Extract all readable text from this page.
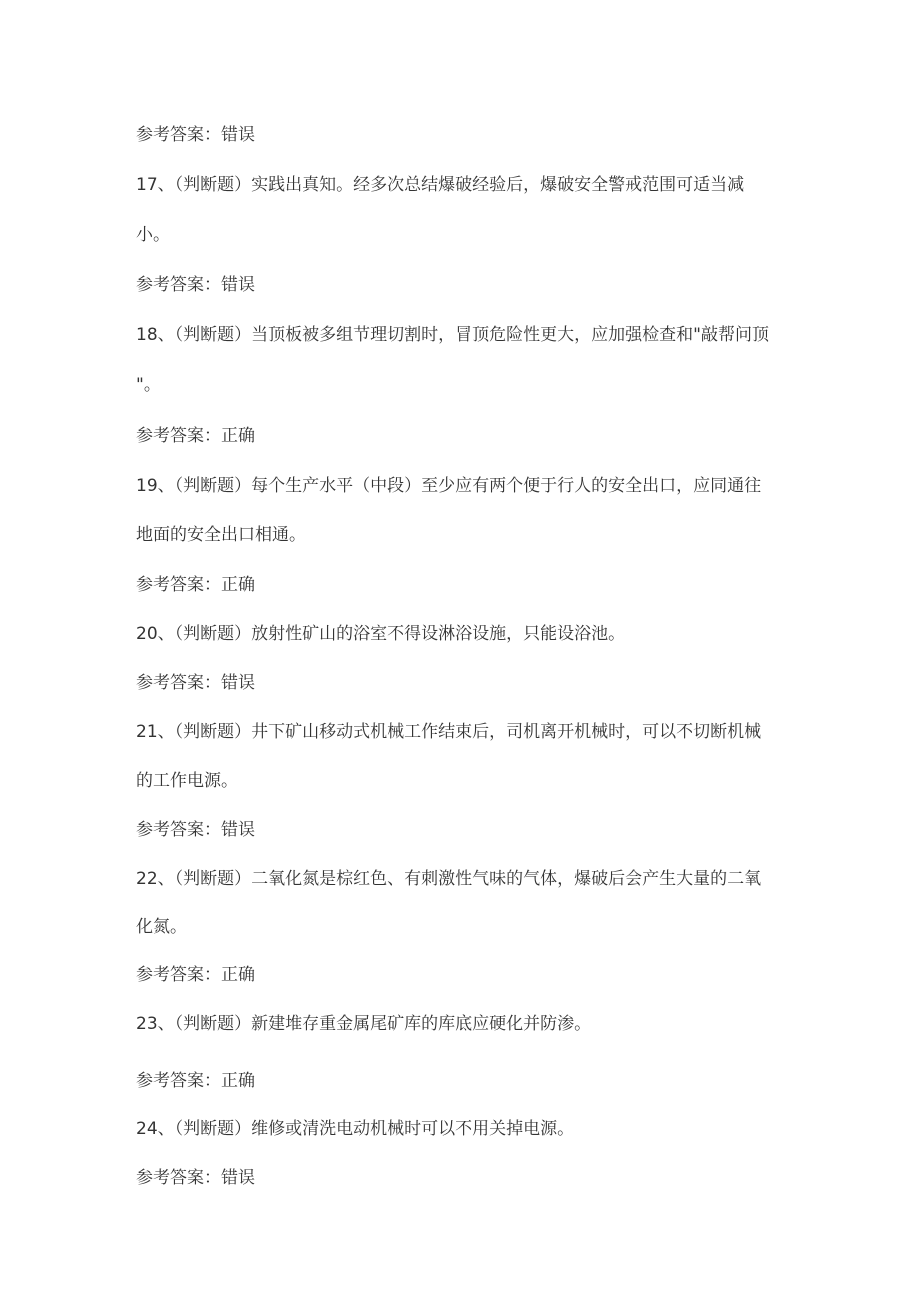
参考答案：错误
17、（判断题）实践出真知。经多次总结爆破经验后，爆破安全警戒范围可适当减
小。
参考答案：错误
18、（判断题）当顶板被多组节理切割时，冒顶危险性更大，应加强检查和"敲帮问顶
"。
参考答案：正确
19、（判断题）每个生产水平（中段）至少应有两个便于行人的安全出口，应同通往
地面的安全出口相通。
参考答案：正确
20、（判断题）放射性矿山的浴室不得设淋浴设施，只能设浴池。
参考答案：错误
21、（判断题）井下矿山移动式机械工作结束后，司机离开机械时，可以不切断机械
的工作电源。
参考答案：错误
22、（判断题）二氧化氮是棕红色、有刺激性气味的气体，爆破后会产生大量的二氧
化氮。
参考答案：正确
23、（判断题）新建堆存重金属尾矿库的库底应硬化并防渗。
参考答案：正确
24、（判断题）维修或清洗电动机械时可以不用关掉电源。
参考答案：错误
